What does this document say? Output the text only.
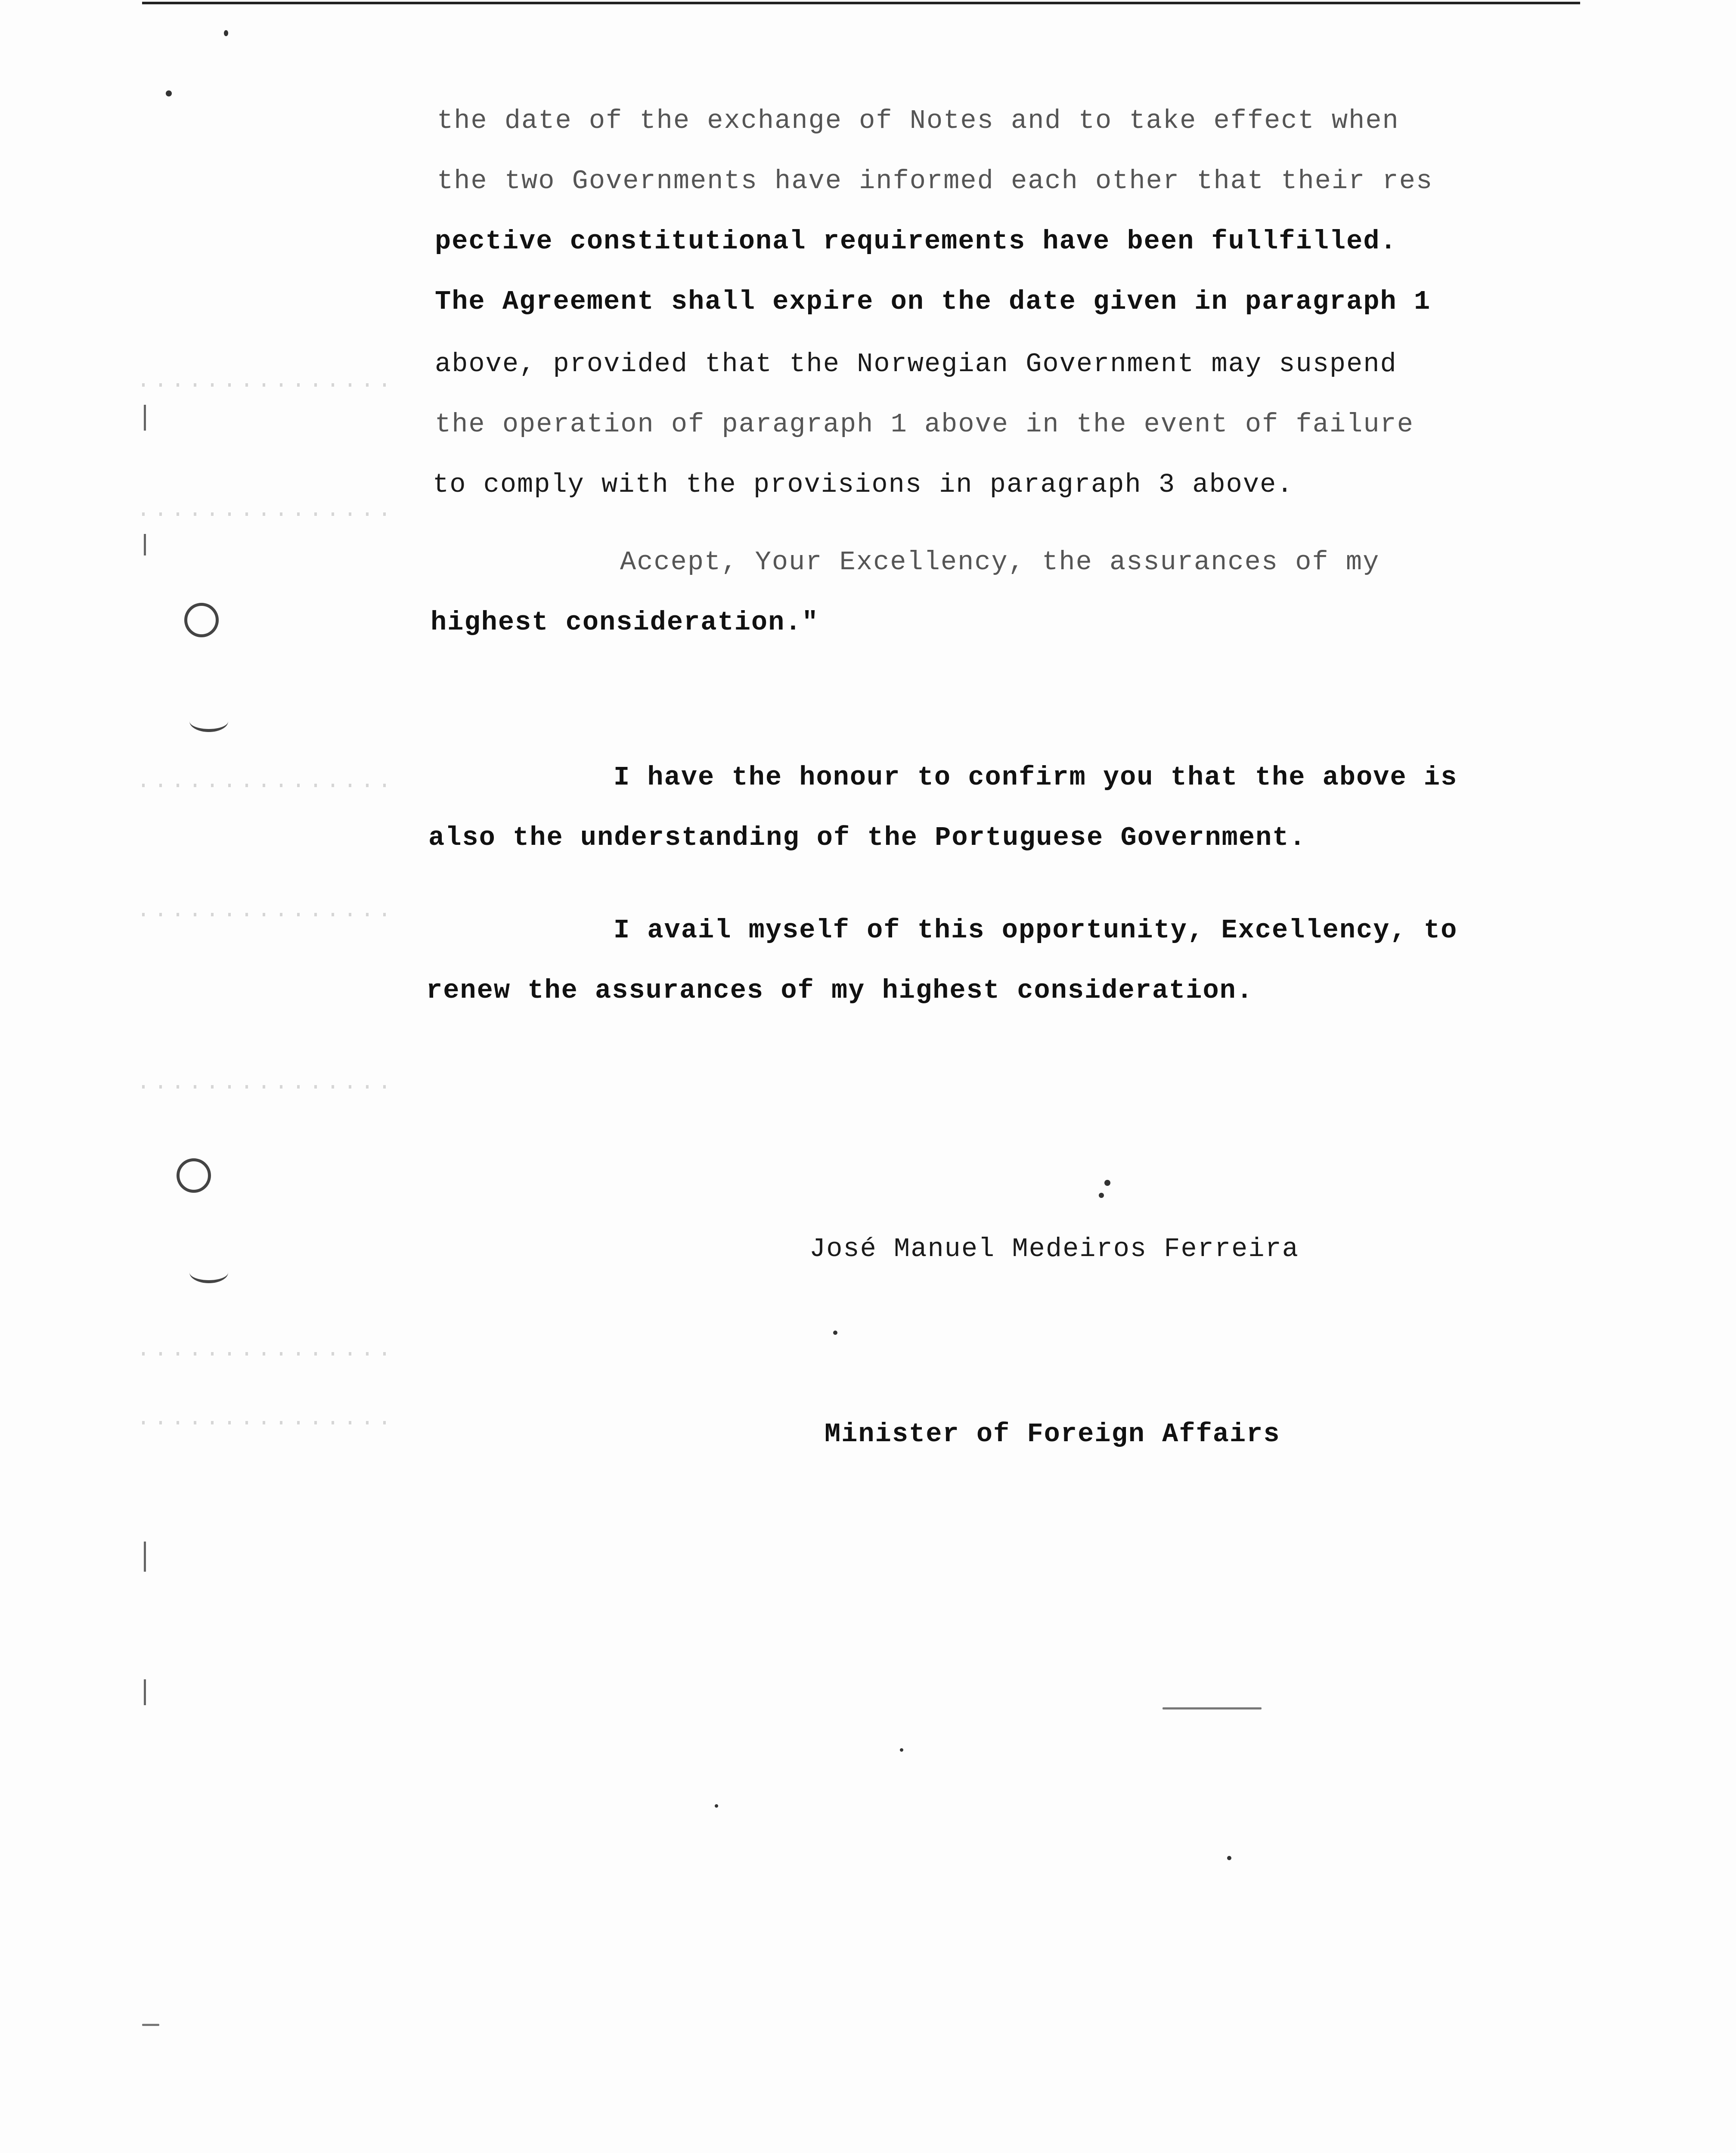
the date of the exchange of Notes and to take effect when
the two Governments have informed each other that their res
pective constitutional requirements have been fullfilled.
The Agreement shall expire on the date given in paragraph 1
above, provided that the Norwegian Government may suspend
the operation of paragraph 1 above in the event of failure
to comply with the provisions in paragraph 3 above.
Accept, Your Excellency, the assurances of my
highest consideration."
I have the honour to confirm you that the above is
also the understanding of the Portuguese Government.
I avail myself of this opportunity, Excellency, to
renew the assurances of my highest consideration.
José Manuel Medeiros Ferreira
Minister of Foreign Affairs
